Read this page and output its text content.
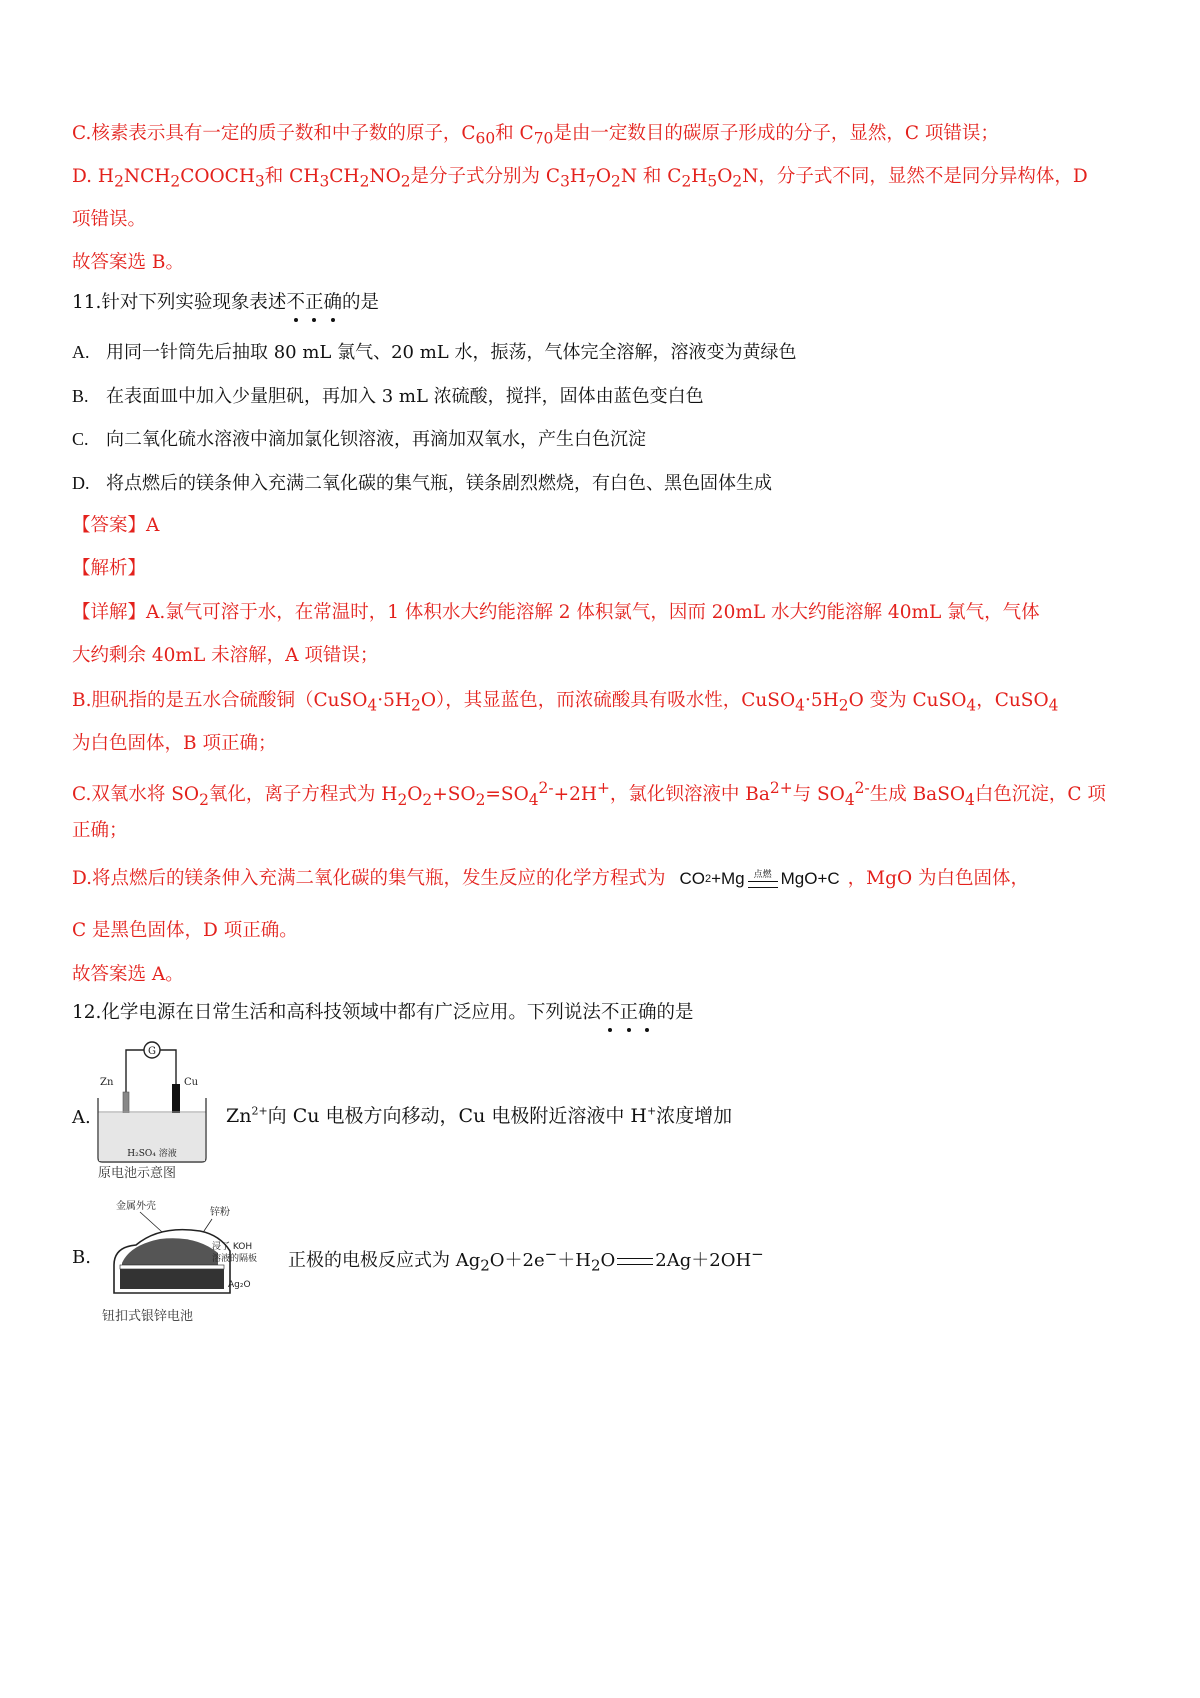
C.核素表示具有一定的质子数和中子数的原子，$C_{60}$和 $C_{70}$是由一定数目的碳原子形成的分子，显然，C 项错误；
D. $H_2NCH_2COOCH_3$和 $CH_3CH_2NO_2$是分子式分别为 $C_3H_7O_2N$ 和 $C_2H_5O_2N$，分子式不同，显然不是同分异构体，D
项错误。
故答案选 B。
11.针对下列实验现象表述不正确的是
A. 用同一针筒先后抽取 80 mL 氯气、20 mL 水，振荡，气体完全溶解，溶液变为黄绿色
B. 在表面皿中加入少量胆矾，再加入 3 mL 浓硫酸，搅拌，固体由蓝色变白色
C. 向二氧化硫水溶液中滴加氯化钡溶液，再滴加双氧水，产生白色沉淀
D. 将点燃后的镁条伸入充满二氧化碳的集气瓶，镁条剧烈燃烧，有白色、黑色固体生成
【答案】A
【解析】
【详解】A.氯气可溶于水，在常温时，1 体积水大约能溶解 2 体积氯气，因而 20mL 水大约能溶解 40mL 氯气，气体
大约剩余 40mL 未溶解，A 项错误；
B.胆矾指的是五水合硫酸铜$(CuSO_4\cdot 5H_2O)$，其显蓝色，而浓硫酸具有吸水性，$CuSO_4\cdot 5H_2O$ 变为 CuSO$_4$，CuSO$_4$
为白色固体，B 项正确；
C.双氧水将 $SO_2$氧化，离子方程式为 $H_2O_2+SO_2=SO_4^{2-}+2H^+$，氯化钡溶液中 $Ba^{2+}$与 $SO_4^{2-}$生成 BaSO$_4$白色沉淀，C 项
正确；
D.将点燃后的镁条伸入充满二氧化碳的集气瓶，发生反应的化学方程式为 CO 2 +Mg 点燃 MgO+C ，MgO 为白色固体，
C 是黑色固体，D 项正确。
故答案选 A。
12.化学电源在日常生活和高科技领域中都有广泛应用。下列说法不正确的是
A.
G
Zn	Cu
H₂SO₄ 溶液
原电池示意图
$Zn^{2+}$向 Cu 电极方向移动，Cu 电极附近溶液中 H+浓度增加
B.
金属外壳
锌粉
浸了 KOH
溶液的隔板
Ag₂O
钮扣式银锌电池
正极的电极反应式为 $Ag_2O+2e^-+H_2O$ 2Ag＋2OH−
